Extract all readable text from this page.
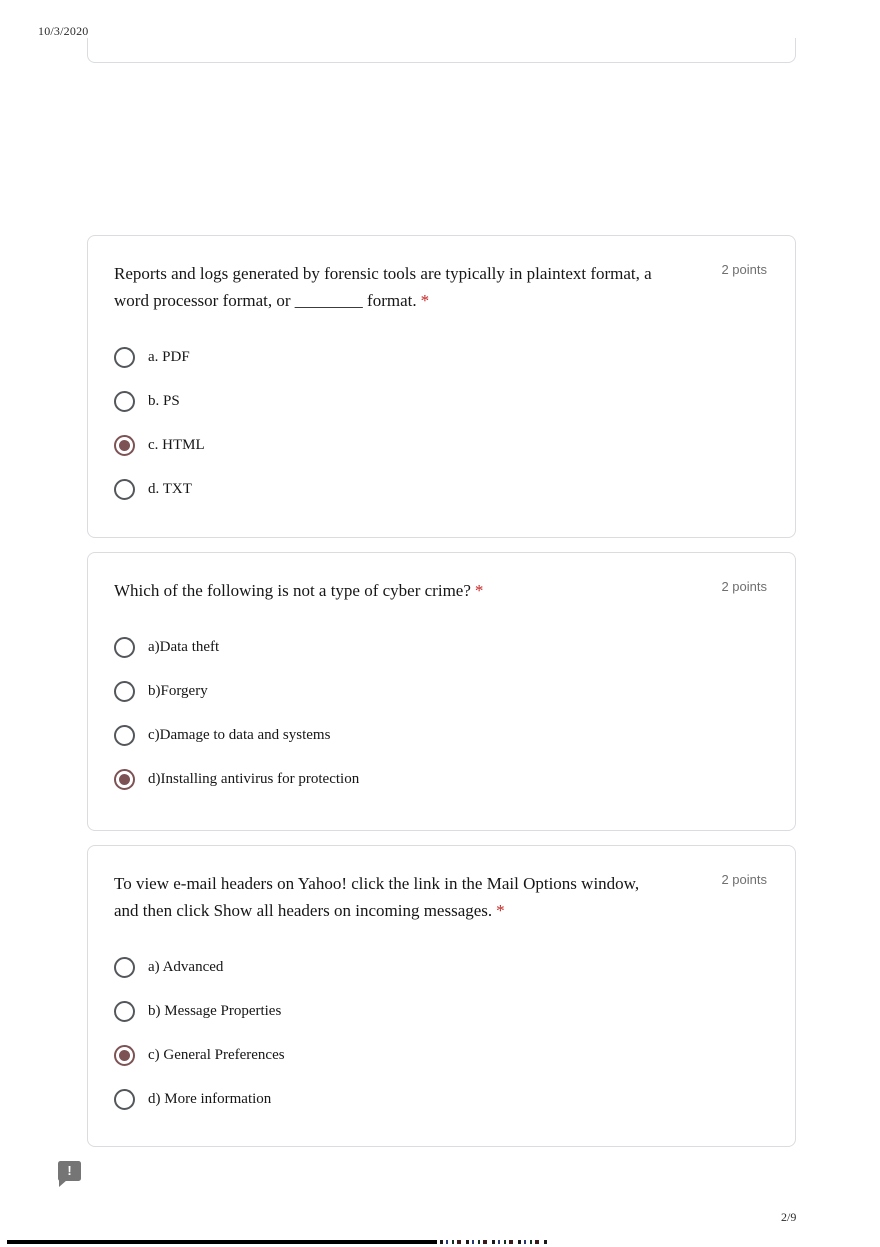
10/3/2020
Reports and logs generated by forensic tools are typically in plaintext format, a word processor format, or ________ format. *
2 points
a. PDF
b. PS
c. HTML
d. TXT
Which of the following is not a type of cyber crime? *	2 points
a)Data theft
b)Forgery
c)Damage to data and systems
d)Installing antivirus for protection
To view e-mail headers on Yahoo! click the link in the Mail Options window, and then click Show all headers on incoming messages. *
2 points
a) Advanced
b) Message Properties
c) General Preferences
d) More information
!
2/9
